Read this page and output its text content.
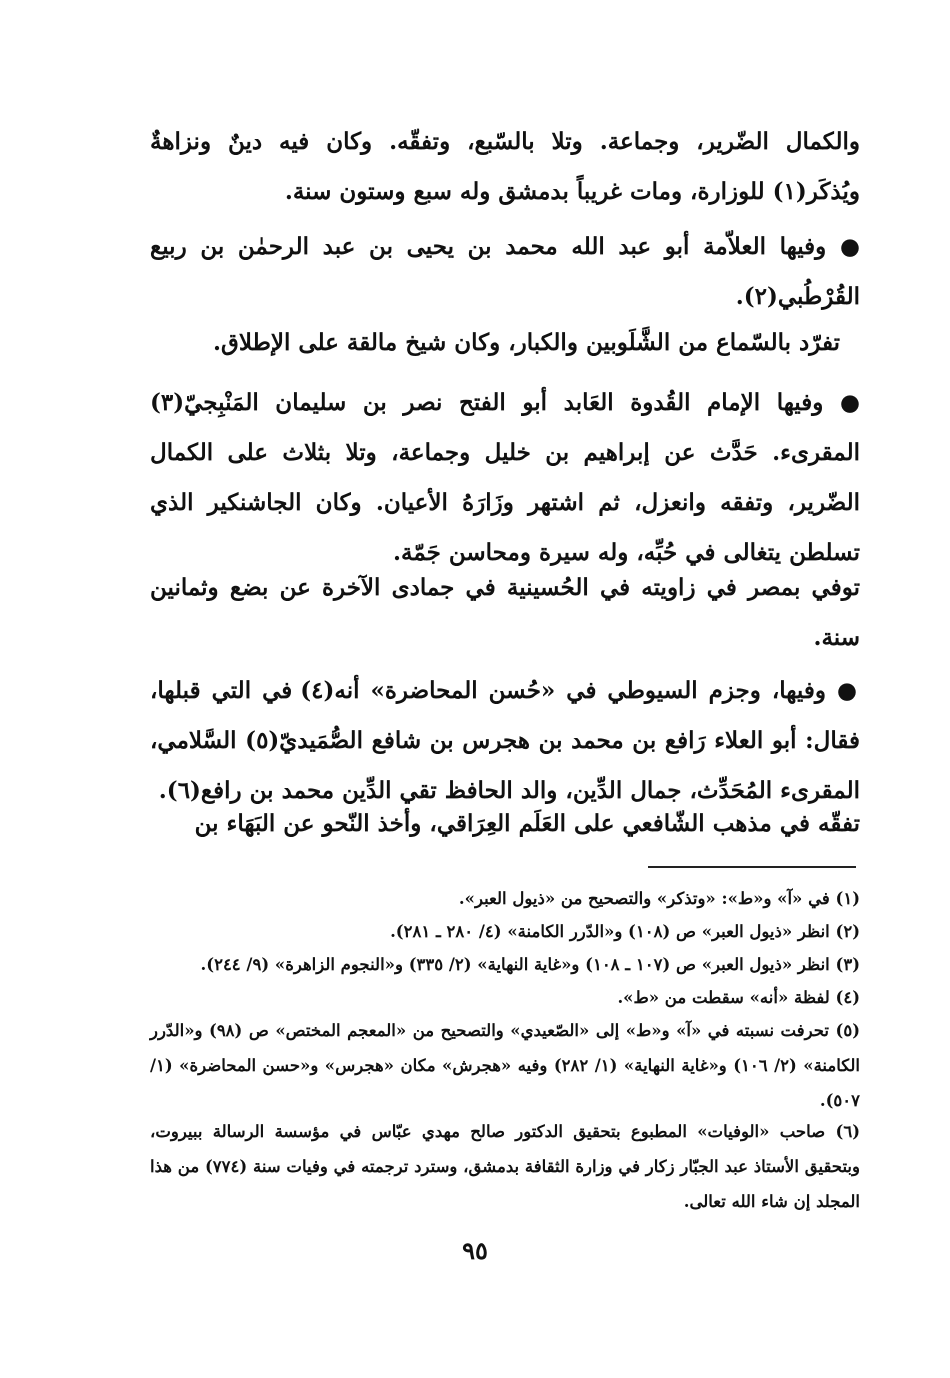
والكمال الضّرير، وجماعة. وتلا بالسّبع، وتفقّه. وكان فيه دينٌ ونزاهةٌ ويُذكَر(١) للوزارة، ومات غريباً بدمشق وله سبع وستون سنة.
● وفيها العلاّمة أبو عبد الله محمد بن يحيى بن عبد الرحمٰن بن ربيع القُرْطُبي(٢).
تفرّد بالسّماع من الشَّلَوبين والكبار، وكان شيخ مالقة على الإطلاق.
● وفيها الإمام القُدوة العَابد أبو الفتح نصر بن سليمان المَنْبِجيّ(٣) المقرىء. حَدَّث عن إبراهيم بن خليل وجماعة، وتلا بثلاث على الكمال الضّرير، وتفقه وانعزل، ثم اشتهر وزَارَهُ الأعيان. وكان الجاشنكير الذي تسلطن يتغالى في حُبِّه، وله سيرة ومحاسن جَمّة.
توفي بمصر في زاويته في الحُسينية في جمادى الآخرة عن بضع وثمانين سنة.
● وفيها، وجزم السيوطي في «حُسن المحاضرة» أنه(٤) في التي قبلها، فقال: أبو العلاء رَافع بن محمد بن هجرس بن شافع الصُّمَيديّ(٥) السَّلامي، المقرىء المُحَدِّث، جمال الدِّين، والد الحافظ تقي الدِّين محمد بن رافع(٦).
تفقّه في مذهب الشّافعي على العَلَم العِرَاقي، وأخذ النّحو عن البَهَاء بن
(١) في «آ» و«ط»: «وتذكر» والتصحيح من «ذيول العبر».
(٢) انظر «ذيول العبر» ص (١٠٨) و«الدّرر الكامنة» (٤/ ٢٨٠ ـ ٢٨١).
(٣) انظر «ذيول العبر» ص (١٠٧ ـ ١٠٨) و«غاية النهاية» (٢/ ٣٣٥) و«النجوم الزاهرة» (٩/ ٢٤٤).
(٤) لفظة «أنه» سقطت من «ط».
(٥) تحرفت نسبته في «آ» و«ط» إلى «الصّعيدي» والتصحيح من «المعجم المختص» ص (٩٨) و«الدّرر الكامنة» (٢/ ١٠٦) و«غاية النهاية» (١/ ٢٨٢) وفيه «هجرش» مكان «هجرس» و«حسن المحاضرة» (١/ ٥٠٧).
(٦) صاحب «الوفيات» المطبوع بتحقيق الدكتور صالح مهدي عبّاس في مؤسسة الرسالة ببيروت، وبتحقيق الأستاذ عبد الجبّار زكار في وزارة الثقافة بدمشق، وسترد ترجمته في وفيات سنة (٧٧٤) من هذا المجلد إن شاء الله تعالى.
٩٥
